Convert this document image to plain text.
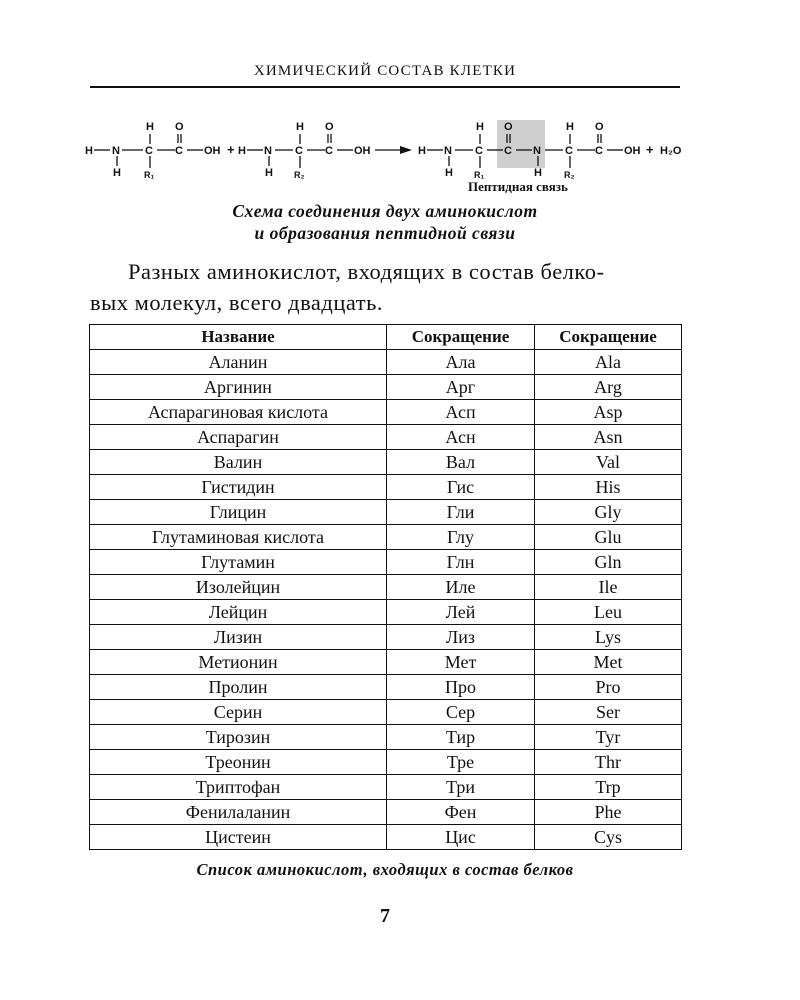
ХИМИЧЕСКИЙ СОСТАВ КЛЕТКИ
H N
H
H
C
R₁
O
C OH + H N
H
H
C
R₂
O
C OH	H N
H
H
C
R₁
O
C N
H
H
C
R₂
O
C OH + H₂O
Пептидная связь
Схема соединения двух аминокислот
и образования пептидной связи
Разных аминокислот, входящих в состав белко-
вых молекул, всего двадцать.
Название	Сокращение	Сокращение
Аланин	Ала	Ala
Аргинин	Арг	Arg
Аспарагиновая кислота	Асп	Asp
Аспарагин	Асн	Asn
Валин	Вал	Val
Гистидин	Гис	His
Глицин	Гли	Gly
Глутаминовая кислота	Глу	Glu
Глутамин	Глн	Gln
Изолейцин	Иле	Ile
Лейцин	Лей	Leu
Лизин	Лиз	Lys
Метионин	Мет	Met
Пролин	Про	Pro
Серин	Сер	Ser
Тирозин	Тир	Tyr
Треонин	Тре	Thr
Триптофан	Три	Trp
Фенилаланин	Фен	Phe
Цистеин	Цис	Cys
Список аминокислот, входящих в состав белков
7
